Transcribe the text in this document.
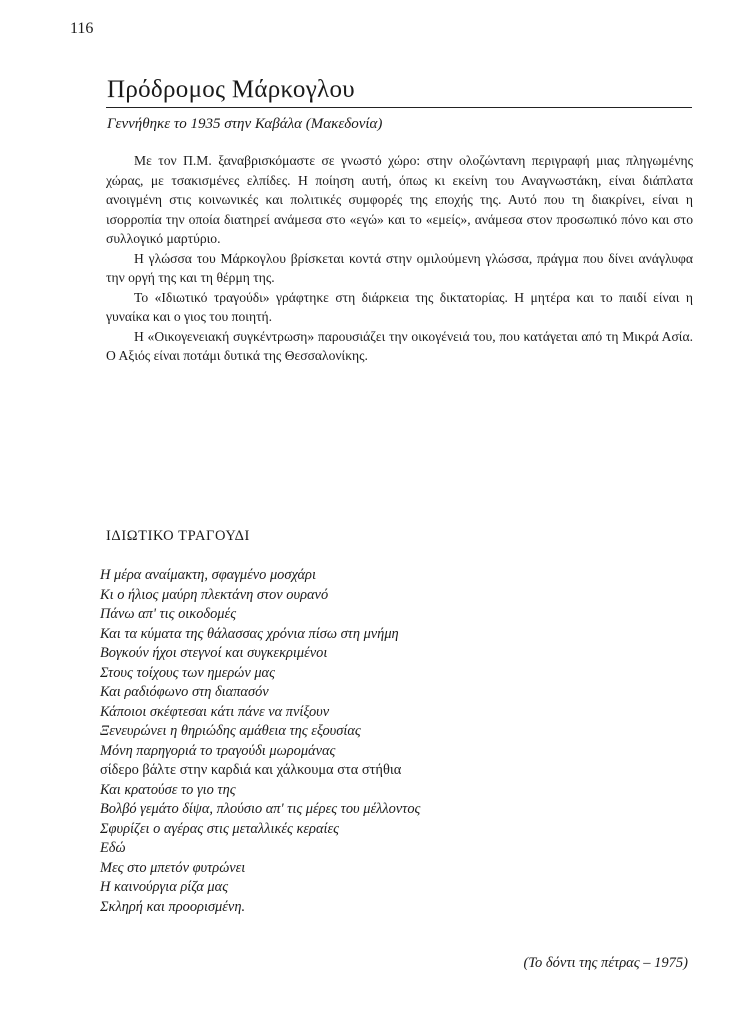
116
Πρόδρομος Μάρκογλου
Γεννήθηκε το 1935 στην Καβάλα (Μακεδονία)

Με τον Π.Μ. ξαναβρισκόμαστε σε γνωστό χώρο: στην ολοζώντανη περιγραφή μιας πληγωμένης χώρας, με τσακισμένες ελπίδες. Η ποίηση αυτή, όπως κι εκείνη του Αναγνωστάκη, είναι διάπλατα ανοιγμένη στις κοινωνικές και πολιτικές συμφορές της εποχής της. Αυτό που τη διακρίνει, είναι η ισορροπία την οποία διατηρεί ανάμεσα στο «εγώ» και το «εμείς», ανάμεσα στον προσωπικό πόνο και στο συλλογικό μαρτύριο.

Η γλώσσα του Μάρκογλου βρίσκεται κοντά στην ομιλούμενη γλώσσα, πράγμα που δίνει ανάγλυφα την οργή της και τη θέρμη της.

Το «Ιδιωτικό τραγούδι» γράφτηκε στη διάρκεια της δικτατορίας. Η μητέρα και το παιδί είναι η γυναίκα και ο γιος του ποιητή.

Η «Οικογενειακή συγκέντρωση» παρουσιάζει την οικογένειά του, που κατάγεται από τη Μικρά Ασία. Ο Αξιός είναι ποτάμι δυτικά της Θεσσαλονίκης.

ΙΔΙΩΤΙΚΟ ΤΡΑΓΟΥΔΙ
Η μέρα αναίμακτη, σφαγμένο μοσχάρι
Κι ο ήλιος μαύρη πλεκτάνη στον ουρανό
Πάνω απ' τις οικοδομές
Και τα κύματα της θάλασσας χρόνια πίσω στη μνήμη
Βογκούν ήχοι στεγνοί και συγκεκριμένοι
Στους τοίχους των ημερών μας
Και ραδιόφωνο στη διαπασόν
Κάποιοι σκέφτεσαι κάτι πάνε να πνίξουν
Ξενευρώνει η θηριώδης αμάθεια της εξουσίας
Μόνη παρηγοριά το τραγούδι μωρομάνας
σίδερο βάλτε στην καρδιά και χάλκουμα στα στήθια
Και κρατούσε το γιο της
Βολβό γεμάτο δίψα, πλούσιο απ' τις μέρες του μέλλοντος
Σφυρίζει ο αγέρας στις μεταλλικές κεραίες
Εδώ
Μες στο μπετόν φυτρώνει
Η καινούργια ρίζα μας
Σκληρή και προορισμένη.
(Το δόντι της πέτρας – 1975)
